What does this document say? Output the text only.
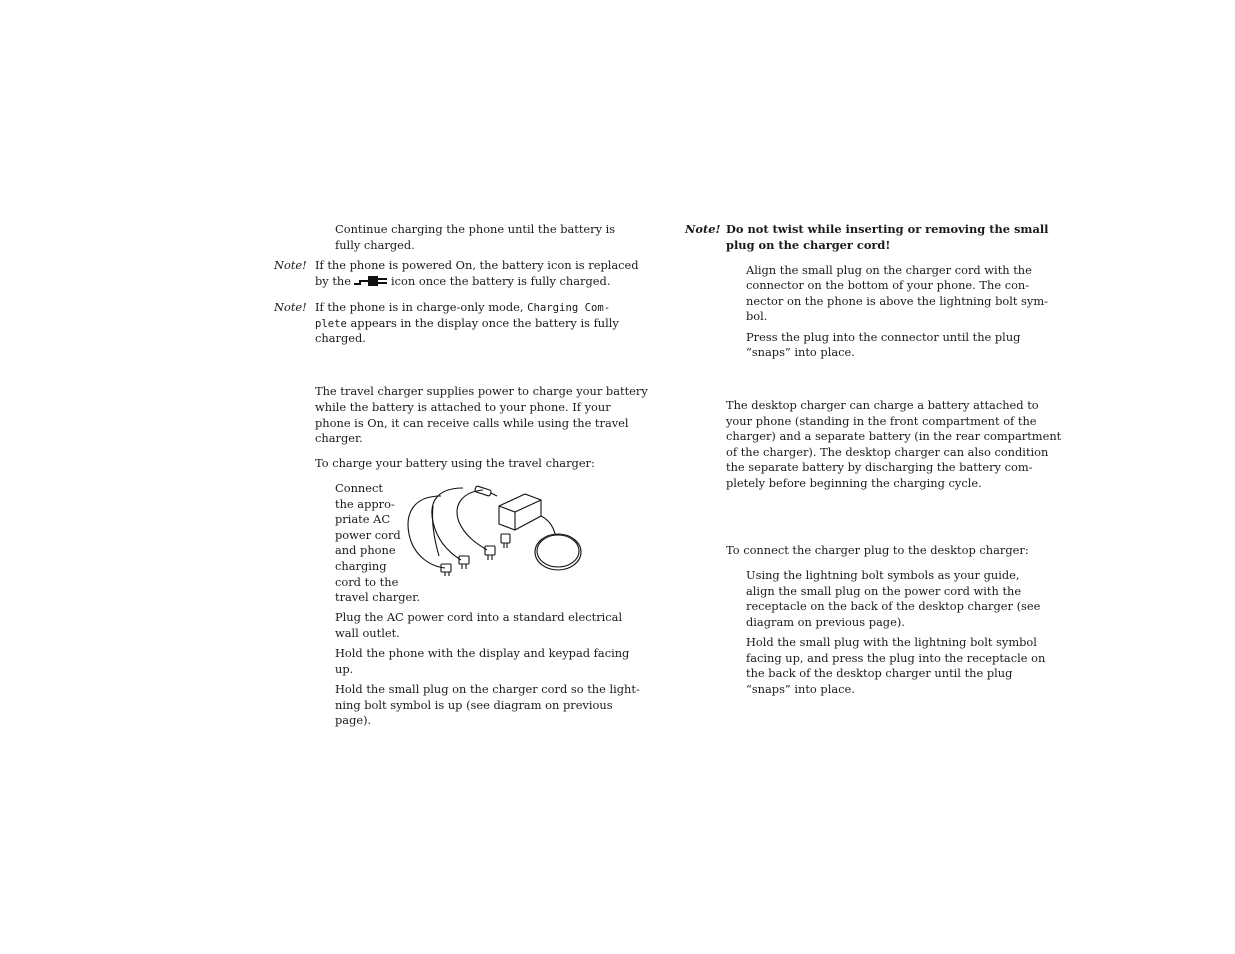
Continue charging the phone until the battery is

fully charged.

Note! If the phone is powered On, the battery icon is replaced

by the	icon once the battery is fully charged.

Note! If the phone is in charge-only mode, Charging Com-

plete appears in the display once the battery is fully

charged.

The travel charger supplies power to charge your battery

while the battery is attached to your phone. If your

phone is On, it can receive calls while using the travel

charger.

To charge your battery using the travel charger:

Connect

the appro-

priate AC

power cord

and phone

charging

cord to the

travel charger.

Plug the AC power cord into a standard electrical

wall outlet.

Hold the phone with the display and keypad facing

up.

Hold the small plug on the charger cord so the light-

ning bolt symbol is up (see diagram on previous

page).

Note! Do not twist while inserting or removing the small

plug on the charger cord!

Align the small plug on the charger cord with the

connector on the bottom of your phone. The con-

nector on the phone is above the lightning bolt sym-

bol.

Press the plug into the connector until the plug

“snaps” into place.

The desktop charger can charge a battery attached to

your phone (standing in the front compartment of the

charger) and a separate battery (in the rear compartment

of the charger). The desktop charger can also condition

the separate battery by discharging the battery com-

pletely before beginning the charging cycle.

To connect the charger plug to the desktop charger:

Using the lightning bolt symbols as your guide,

align the small plug on the power cord with the

receptacle on the back of the desktop charger (see

diagram on previous page).

Hold the small plug with the lightning bolt symbol

facing up, and press the plug into the receptacle on

the back of the desktop charger until the plug

“snaps” into place.
